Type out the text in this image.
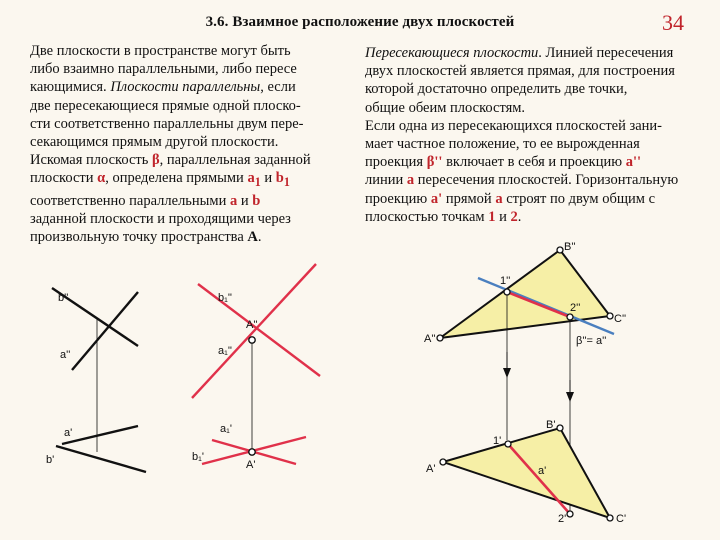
3.6. Взаимное расположение двух плоскостей	34
Две плоскости в пространстве могут быть
либо взаимно параллельными, либо пересе
кающимися. Плоскости параллельны, если
две пересекающиеся прямые одной плоско-
сти соответственно параллельны двум пере-
секающимся прямым другой плоскости.
Искомая плоскость β, параллельная заданной
плоскости α, определена прямыми $a_1$ и $b_1$
соответственно параллельными a и b
заданной плоскости и проходящими через
произвольную точку пространства A.
Пересекающиеся плоскости. Линией пересечения
двух плоскостей является прямая, для построения
которой достаточно определить две точки,
общие обеим плоскостям.
Если одна из пересекающихся плоскостей зани-
мает частное положение, то ее вырожденная
проекция β'' включает в себя и проекцию a''
линии a пересечения плоскостей. Горизонтальную
проекцию a' прямой a строят по двум общим с
плоскостью точкам 1 и 2.
b''	b₁''
A''
a''	a₁''
a'	a₁'
b'	b₁'
A'
B''
1''
2''
C''
A''	β''= a''
B'
1'
A'	a'
2'	C'
